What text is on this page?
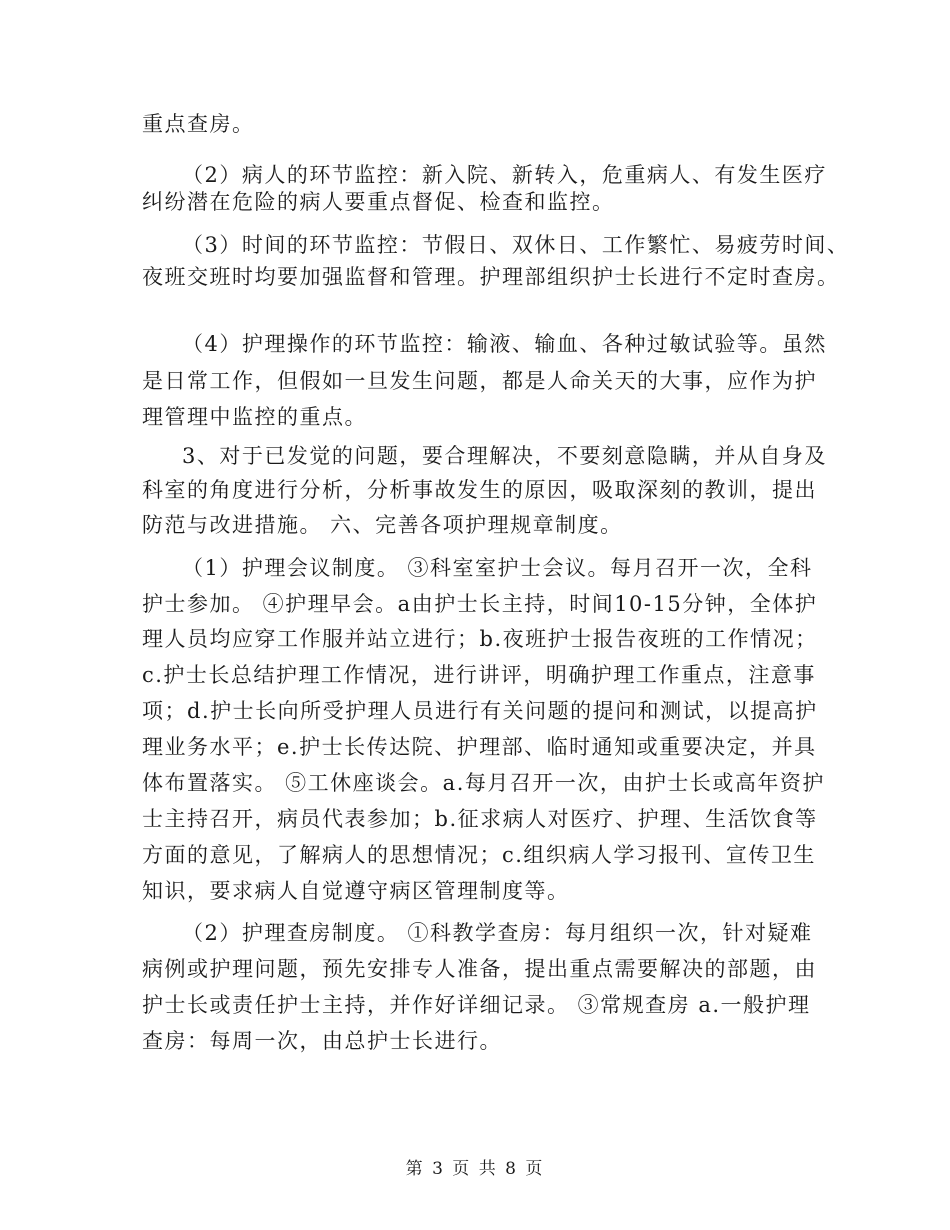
重点查房。
（2）病人的环节监控：新入院、新转入，危重病人、有发生医疗
纠纷潜在危险的病人要重点督促、检查和监控。
（3）时间的环节监控：节假日、双休日、工作繁忙、易疲劳时间、
夜班交班时均要加强监督和管理。护理部组织护士长进行不定时查房。
（4）护理操作的环节监控：输液、输血、各种过敏试验等。虽然
是日常工作，但假如一旦发生问题，都是人命关天的大事，应作为护
理管理中监控的重点。
3、对于已发觉的问题，要合理解决，不要刻意隐瞒，并从自身及
科室的角度进行分析，分析事故发生的原因，吸取深刻的教训，提出
防范与改进措施。 六、完善各项护理规章制度。
（1）护理会议制度。 ③科室室护士会议。每月召开一次，全科
护士参加。 ④护理早会。a由护士长主持，时间10-15分钟，全体护
理人员均应穿工作服并站立进行；b.夜班护士报告夜班的工作情况；
c.护士长总结护理工作情况，进行讲评，明确护理工作重点，注意事
项；d.护士长向所受护理人员进行有关问题的提问和测试，以提高护
理业务水平；e.护士长传达院、护理部、临时通知或重要决定，并具
体布置落实。 ⑤工休座谈会。a.每月召开一次，由护士长或高年资护
士主持召开，病员代表参加；b.征求病人对医疗、护理、生活饮食等
方面的意见，了解病人的思想情况；c.组织病人学习报刊、宣传卫生
知识，要求病人自觉遵守病区管理制度等。
（2）护理查房制度。 ①科教学查房：每月组织一次，针对疑难
病例或护理问题，预先安排专人准备，提出重点需要解决的部题，由
护士长或责任护士主持，并作好详细记录。 ③常规查房 a.一般护理
查房：每周一次，由总护士长进行。
第 3 页 共 8 页
